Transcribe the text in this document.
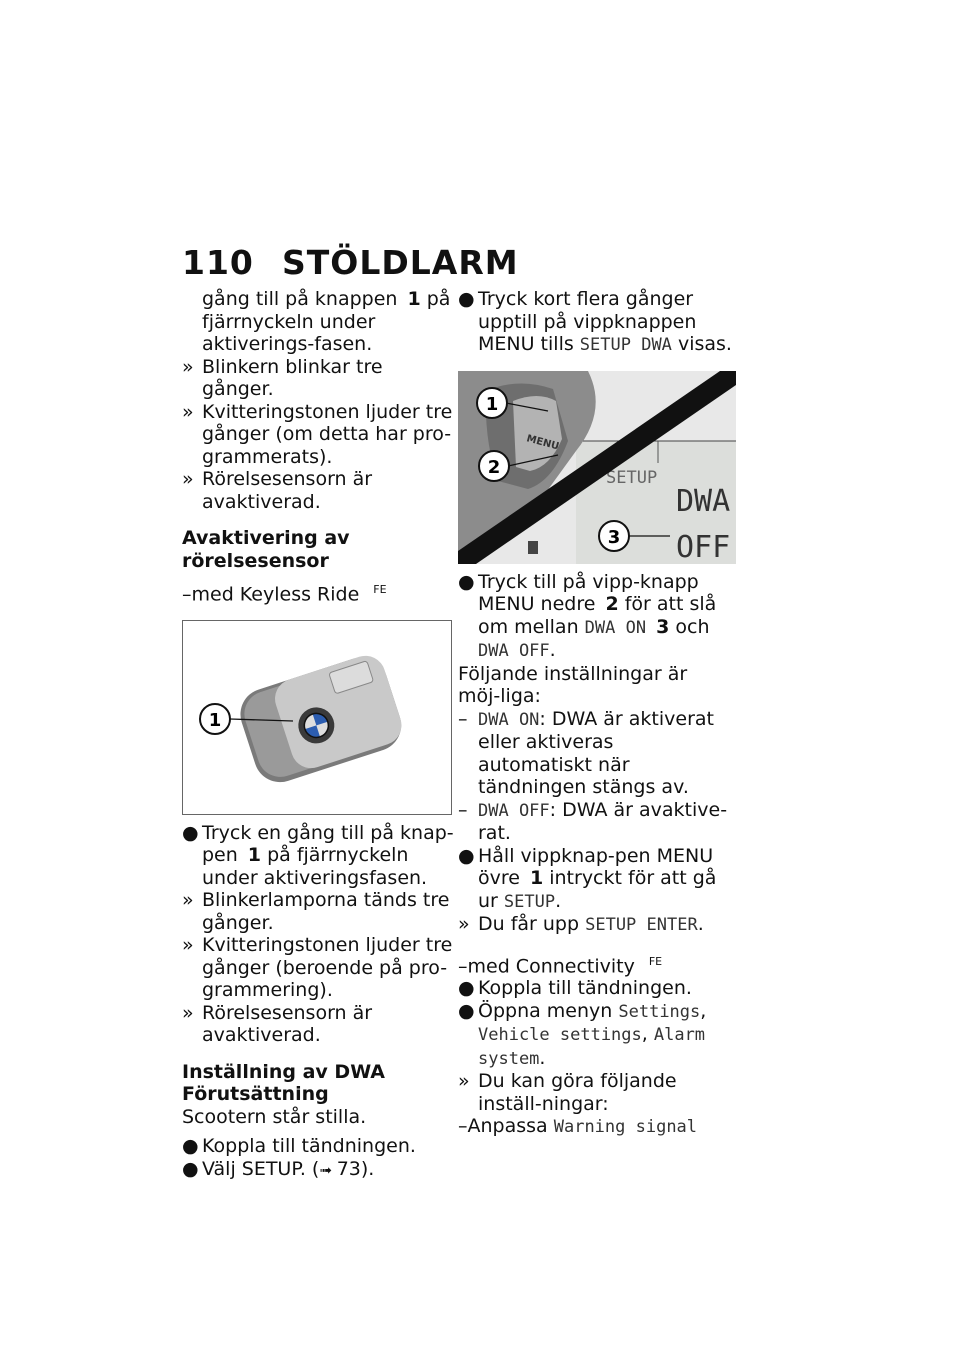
110 STÖLDLARM
gång till på knappen 1 på fjärrnyckeln under aktiverings-fasen.
» Blinkern blinkar tre gånger.
» Kvitteringstonen ljuder tre gånger (om detta har pro-grammerats).
» Rörelsesensorn är avaktiverad.
Avaktivering av rörelsesensor
–med Keyless Ride $^{FE}$
1
● Tryck en gång till på knap-pen 1 på fjärrnyckeln under aktiveringsfasen.
» Blinkerlamporna tänds tre gånger.
» Kvitteringstonen ljuder tre gånger (beroende på pro-grammering).
» Rörelsesensorn är avaktiverad.
Inställning av DWA
Förutsättning
Scootern står stilla.
● Koppla till tändningen.
● Välj SETUP. (➟ 73).
● Tryck kort flera gånger upptill på vippknappen MENU tills SETUP DWA visas.
SETUP
DWA
OFF
MENU
1
2
3
● Tryck till på vipp-knapp MENU nedre 2 för att slå om mellan DWA ON 3 och DWA OFF.
Följande inställningar är möj-liga:
– DWA ON: DWA är aktiverat eller aktiveras automatiskt när tändningen stängs av.
– DWA OFF: DWA är avaktive-rat.
● Håll vippknap-pen MENU övre 1 intryckt för att gå ur SETUP.
» Du får upp SETUP ENTER.
–med Connectivity $^{FE}$
● Koppla till tändningen.
● Öppna menyn Settings, Vehicle settings, Alarm system.
» Du kan göra följande inställ-ningar:
–Anpassa Warning signal
